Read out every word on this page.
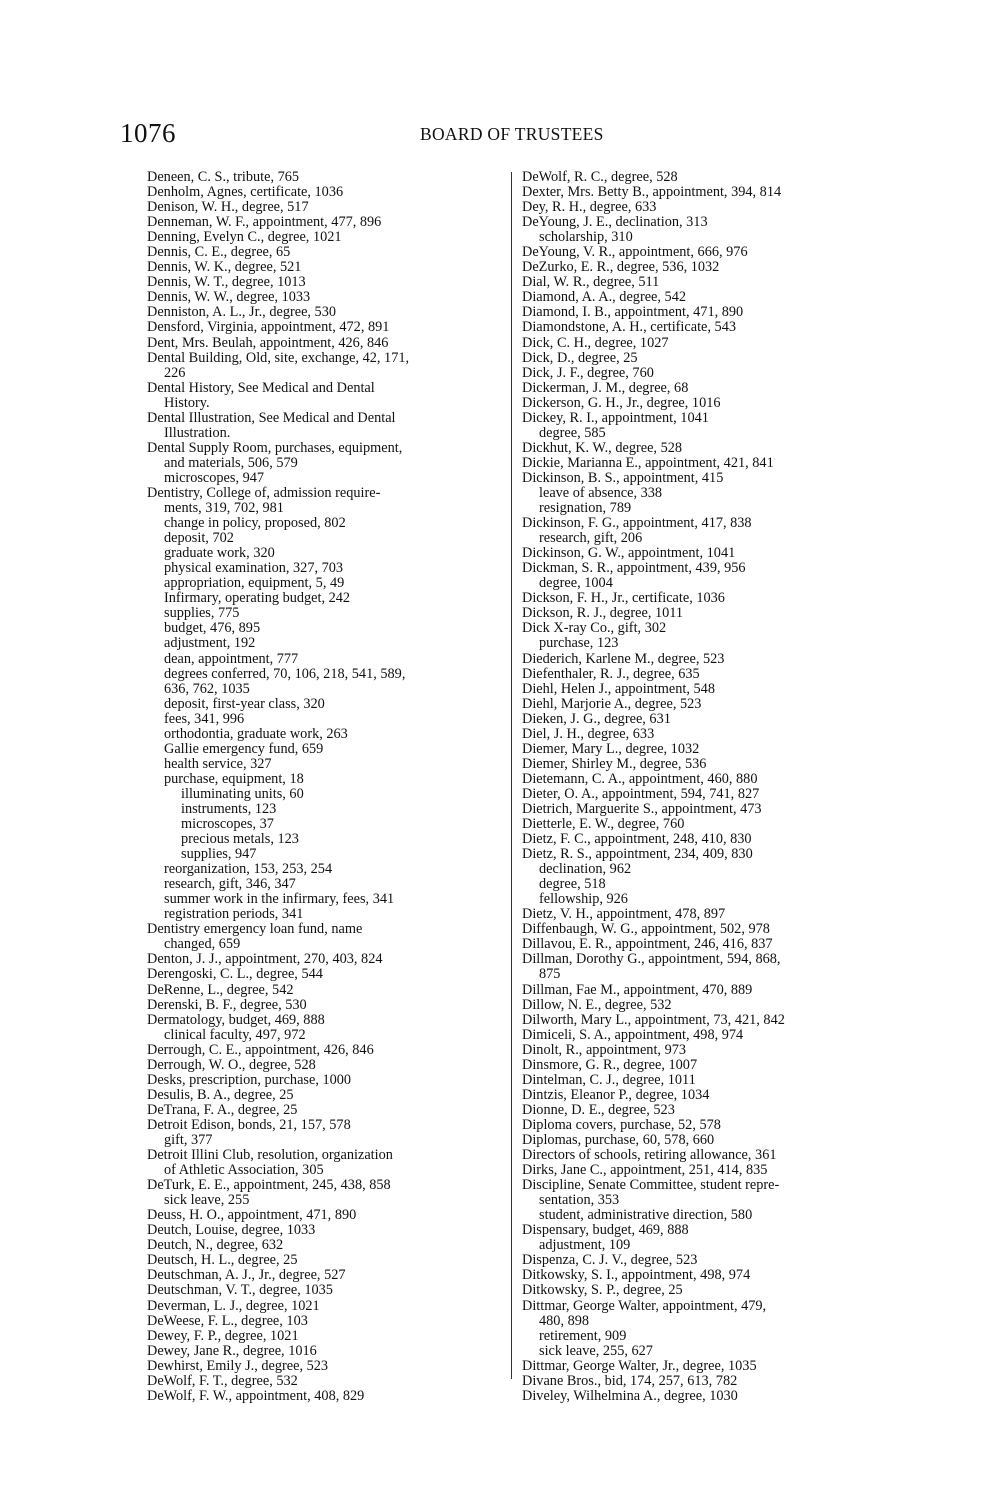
1076	BOARD OF TRUSTEES
Deneen, C. S., tribute, 765
Denholm, Agnes, certificate, 1036
Denison, W. H., degree, 517
Denneman, W. F., appointment, 477, 896
Denning, Evelyn C., degree, 1021
Dennis, C. E., degree, 65
Dennis, W. K., degree, 521
Dennis, W. T., degree, 1013
Dennis, W. W., degree, 1033
Denniston, A. L., Jr., degree, 530
Densford, Virginia, appointment, 472, 891
Dent, Mrs. Beulah, appointment, 426, 846
Dental Building, Old, site, exchange, 42, 171,
226
Dental History, See Medical and Dental
History.
Dental Illustration, See Medical and Dental
Illustration.
Dental Supply Room, purchases, equipment,
and materials, 506, 579
microscopes, 947
Dentistry, College of, admission require-
ments, 319, 702, 981
change in policy, proposed, 802
deposit, 702
graduate work, 320
physical examination, 327, 703
appropriation, equipment, 5, 49
Infirmary, operating budget, 242
supplies, 775
budget, 476, 895
adjustment, 192
dean, appointment, 777
degrees conferred, 70, 106, 218, 541, 589,
636, 762, 1035
deposit, first-year class, 320
fees, 341, 996
orthodontia, graduate work, 263
Gallie emergency fund, 659
health service, 327
purchase, equipment, 18
illuminating units, 60
instruments, 123
microscopes, 37
precious metals, 123
supplies, 947
reorganization, 153, 253, 254
research, gift, 346, 347
summer work in the infirmary, fees, 341
registration periods, 341
Dentistry emergency loan fund, name
changed, 659
Denton, J. J., appointment, 270, 403, 824
Derengoski, C. L., degree, 544
DeRenne, L., degree, 542
Derenski, B. F., degree, 530
Dermatology, budget, 469, 888
clinical faculty, 497, 972
Derrough, C. E., appointment, 426, 846
Derrough, W. O., degree, 528
Desks, prescription, purchase, 1000
Desulis, B. A., degree, 25
DeTrana, F. A., degree, 25
Detroit Edison, bonds, 21, 157, 578
gift, 377
Detroit Illini Club, resolution, organization
of Athletic Association, 305
DeTurk, E. E., appointment, 245, 438, 858
sick leave, 255
Deuss, H. O., appointment, 471, 890
Deutch, Louise, degree, 1033
Deutch, N., degree, 632
Deutsch, H. L., degree, 25
Deutschman, A. J., Jr., degree, 527
Deutschman, V. T., degree, 1035
Deverman, L. J., degree, 1021
DeWeese, F. L., degree, 103
Dewey, F. P., degree, 1021
Dewey, Jane R., degree, 1016
Dewhirst, Emily J., degree, 523
DeWolf, F. T., degree, 532
DeWolf, F. W., appointment, 408, 829
DeWolf, R. C., degree, 528
Dexter, Mrs. Betty B., appointment, 394, 814
Dey, R. H., degree, 633
DeYoung, J. E., declination, 313
scholarship, 310
DeYoung, V. R., appointment, 666, 976
DeZurko, E. R., degree, 536, 1032
Dial, W. R., degree, 511
Diamond, A. A., degree, 542
Diamond, I. B., appointment, 471, 890
Diamondstone, A. H., certificate, 543
Dick, C. H., degree, 1027
Dick, D., degree, 25
Dick, J. F., degree, 760
Dickerman, J. M., degree, 68
Dickerson, G. H., Jr., degree, 1016
Dickey, R. I., appointment, 1041
degree, 585
Dickhut, K. W., degree, 528
Dickie, Marianna E., appointment, 421, 841
Dickinson, B. S., appointment, 415
leave of absence, 338
resignation, 789
Dickinson, F. G., appointment, 417, 838
research, gift, 206
Dickinson, G. W., appointment, 1041
Dickman, S. R., appointment, 439, 956
degree, 1004
Dickson, F. H., Jr., certificate, 1036
Dickson, R. J., degree, 1011
Dick X-ray Co., gift, 302
purchase, 123
Diederich, Karlene M., degree, 523
Diefenthaler, R. J., degree, 635
Diehl, Helen J., appointment, 548
Diehl, Marjorie A., degree, 523
Dieken, J. G., degree, 631
Diel, J. H., degree, 633
Diemer, Mary L., degree, 1032
Diemer, Shirley M., degree, 536
Dietemann, C. A., appointment, 460, 880
Dieter, O. A., appointment, 594, 741, 827
Dietrich, Marguerite S., appointment, 473
Dietterle, E. W., degree, 760
Dietz, F. C., appointment, 248, 410, 830
Dietz, R. S., appointment, 234, 409, 830
declination, 962
degree, 518
fellowship, 926
Dietz, V. H., appointment, 478, 897
Diffenbaugh, W. G., appointment, 502, 978
Dillavou, E. R., appointment, 246, 416, 837
Dillman, Dorothy G., appointment, 594, 868,
875
Dillman, Fae M., appointment, 470, 889
Dillow, N. E., degree, 532
Dilworth, Mary L., appointment, 73, 421, 842
Dimiceli, S. A., appointment, 498, 974
Dinolt, R., appointment, 973
Dinsmore, G. R., degree, 1007
Dintelman, C. J., degree, 1011
Dintzis, Eleanor P., degree, 1034
Dionne, D. E., degree, 523
Diploma covers, purchase, 52, 578
Diplomas, purchase, 60, 578, 660
Directors of schools, retiring allowance, 361
Dirks, Jane C., appointment, 251, 414, 835
Discipline, Senate Committee, student repre-
sentation, 353
student, administrative direction, 580
Dispensary, budget, 469, 888
adjustment, 109
Dispenza, C. J. V., degree, 523
Ditkowsky, S. I., appointment, 498, 974
Ditkowsky, S. P., degree, 25
Dittmar, George Walter, appointment, 479,
480, 898
retirement, 909
sick leave, 255, 627
Dittmar, George Walter, Jr., degree, 1035
Divane Bros., bid, 174, 257, 613, 782
Diveley, Wilhelmina A., degree, 1030
